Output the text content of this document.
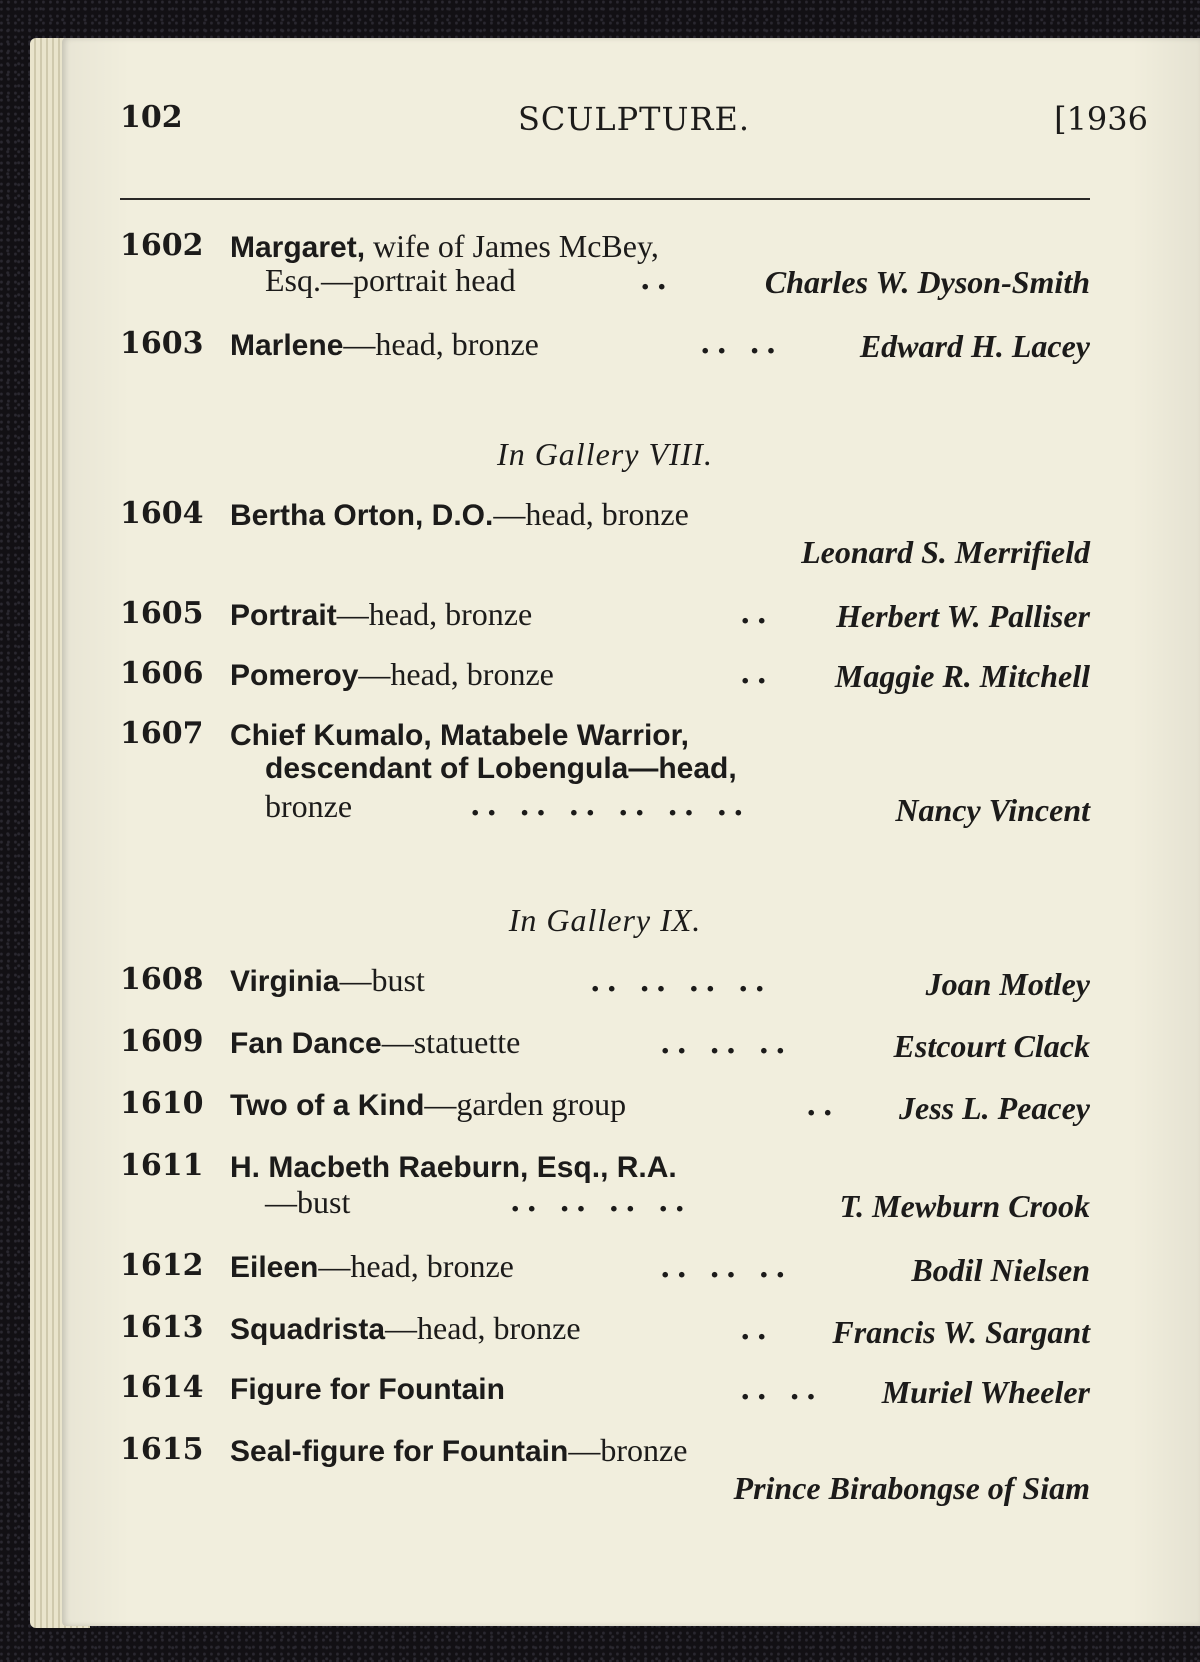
102	SCULPTURE.	[1936
1602 Margaret, wife of James McBey,
Esq.—portrait head	..	Charles W. Dyson-Smith
1603 Marlene—head, bronze	.. .. Edward H. Lacey
In Gallery VIII.
1604 Bertha Orton, D.O.—head, bronze
Leonard S. Merrifield
1605 Portrait—head, bronze	.. Herbert W. Palliser
1606 Pomeroy—head, bronze	.. Maggie R. Mitchell
1607 Chief Kumalo, Matabele Warrior,
descendant of Lobengula—head,
bronze	.. .. .. .. .. ..	Nancy Vincent
In Gallery IX.
1608 Virginia—bust	.. .. .. ..	Joan Motley
1609 Fan Dance—statuette	.. .. ..	Estcourt Clack
1610 Two of a Kind—garden group	.. Jess L. Peacey
1611 H. Macbeth Raeburn, Esq., R.A.
—bust	.. .. .. ..	T. Mewburn Crook
1612 Eileen—head, bronze	.. .. ..	Bodil Nielsen
1613 Squadrista—head, bronze	.. Francis W. Sargant
1614 Figure for Fountain	.. .. Muriel Wheeler
1615 Seal-figure for Fountain—bronze
Prince Birabongse of Siam
